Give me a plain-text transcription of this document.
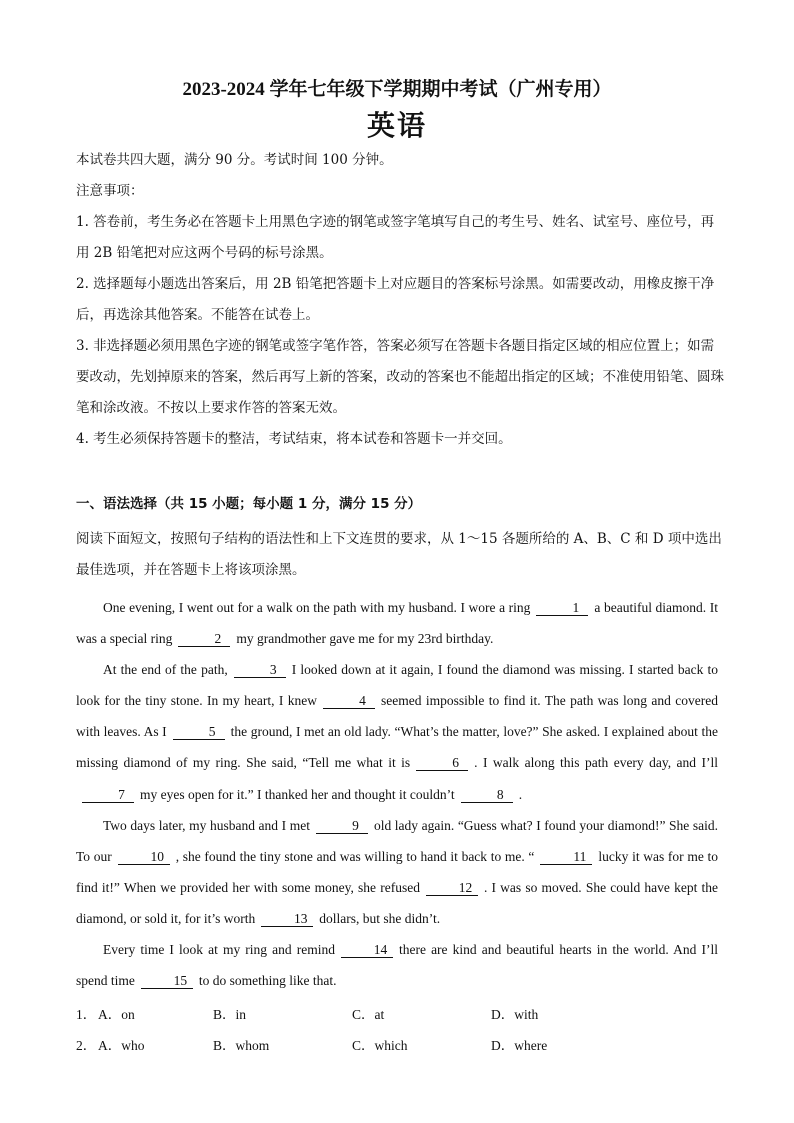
2023-2024 学年七年级下学期期中考试（广州专用）
英语

本试卷共四大题，满分 90 分。考试时间 100 分钟。

注意事项：

1. 答卷前，考生务必在答题卡上用黑色字迹的钢笔或签字笔填写自己的考生号、姓名、试室号、座位号，再用 2B 铅笔把对应这两个号码的标号涂黑。

2. 选择题每小题选出答案后，用 2B 铅笔把答题卡上对应题目的答案标号涂黑。如需要改动，用橡皮擦干净后，再选涂其他答案。不能答在试卷上。

3. 非选择题必须用黑色字迹的钢笔或签字笔作答，答案必须写在答题卡各题目指定区域的相应位置上；如需要改动，先划掉原来的答案，然后再写上新的答案，改动的答案也不能超出指定的区域；不准使用铅笔、圆珠笔和涂改液。不按以上要求作答的答案无效。

4. 考生必须保持答题卡的整洁，考试结束，将本试卷和答题卡一并交回。

一、语法选择（共 15 小题；每小题 1 分，满分 15 分）

阅读下面短文，按照句子结构的语法性和上下文连贯的要求，从 1～15 各题所给的 A、B、C 和 D 项中选出最佳选项，并在答题卡上将该项涂黑。

One evening, I went out for a walk on the path with my husband. I wore a ring	1 a beautiful diamond. It was a special ring	2 my grandmother gave me for my 23rd birthday.

At the end of the path,	3 I looked down at it again, I found the diamond was missing. I started back to look for the tiny stone. In my heart, I knew	4 seemed impossible to find it. The path was long and covered with leaves. As I	5 the ground, I met an old lady. “What’s the matter, love?” She asked. I explained about the missing diamond of my ring. She said, “Tell me what it is	6 . I walk along this path every day, and I’ll7 my eyes open for it.” I thanked her and thought it couldn’t	8 .

Two days later, my husband and I met	9 old lady again. “Guess what? I found your diamond!” She said. To our	10 , she found the tiny stone and was willing to hand it back to me. “	11 lucky it was for me to find it!” When we provided her with some money, she refused	12 . I was so moved. She could have kept the diamond, or sold it, for it’s worth	13 dollars, but she didn’t.

Every time I look at my ring and remind	14 there are kind and beautiful hearts in the world. And I’ll spend time	15 to do something like that.

1． A．on	B．in	C．at	D．with
2． A．who	B．whom	C．which	D．where
